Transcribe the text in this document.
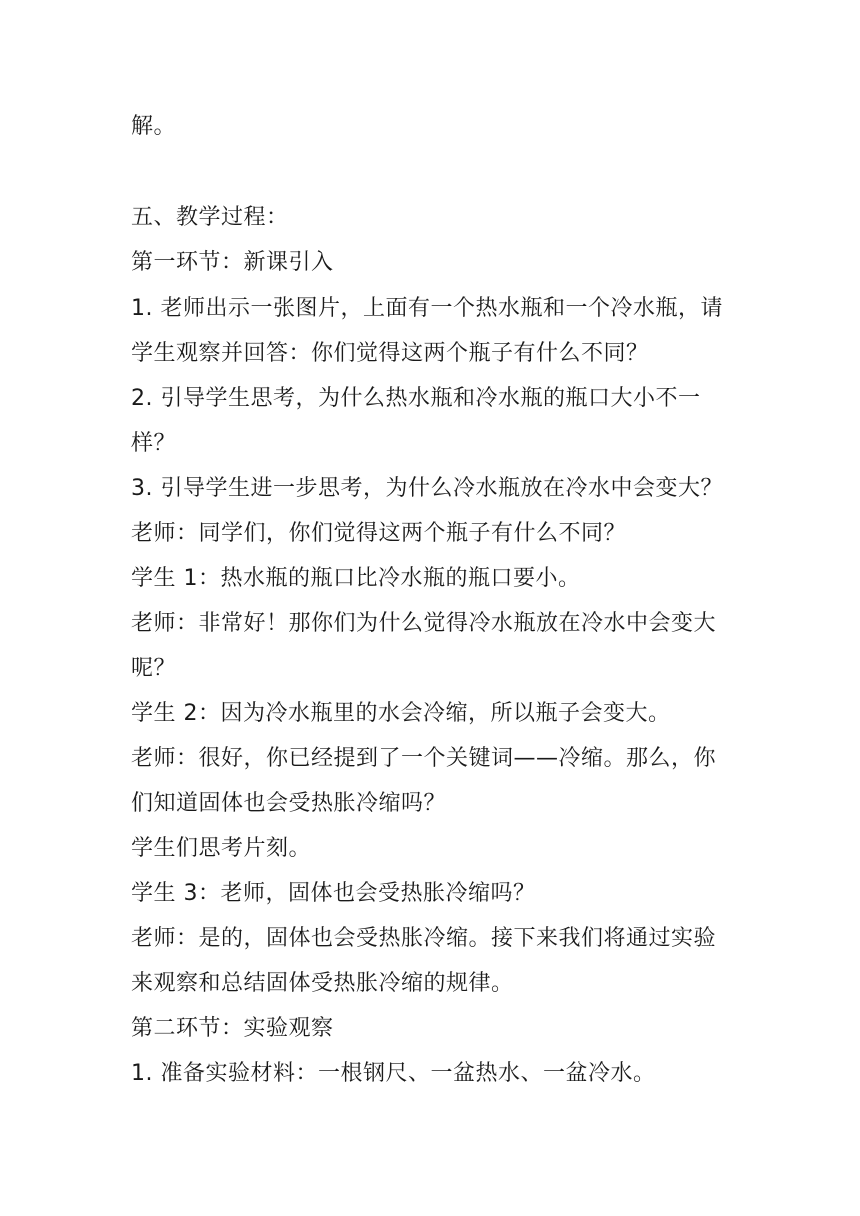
解。
五、教学过程：
第一环节：新课引入
1. 老师出示一张图片，上面有一个热水瓶和一个冷水瓶，请
学生观察并回答：你们觉得这两个瓶子有什么不同？
2. 引导学生思考，为什么热水瓶和冷水瓶的瓶口大小不一
样？
3. 引导学生进一步思考，为什么冷水瓶放在冷水中会变大？
老师：同学们，你们觉得这两个瓶子有什么不同？
学生 1：热水瓶的瓶口比冷水瓶的瓶口要小。
老师：非常好！那你们为什么觉得冷水瓶放在冷水中会变大
呢？
学生 2：因为冷水瓶里的水会冷缩，所以瓶子会变大。
老师：很好，你已经提到了一个关键词——冷缩。那么，你
们知道固体也会受热胀冷缩吗？
学生们思考片刻。
学生 3：老师，固体也会受热胀冷缩吗？
老师：是的，固体也会受热胀冷缩。接下来我们将通过实验
来观察和总结固体受热胀冷缩的规律。
第二环节：实验观察
1. 准备实验材料：一根钢尺、一盆热水、一盆冷水。
